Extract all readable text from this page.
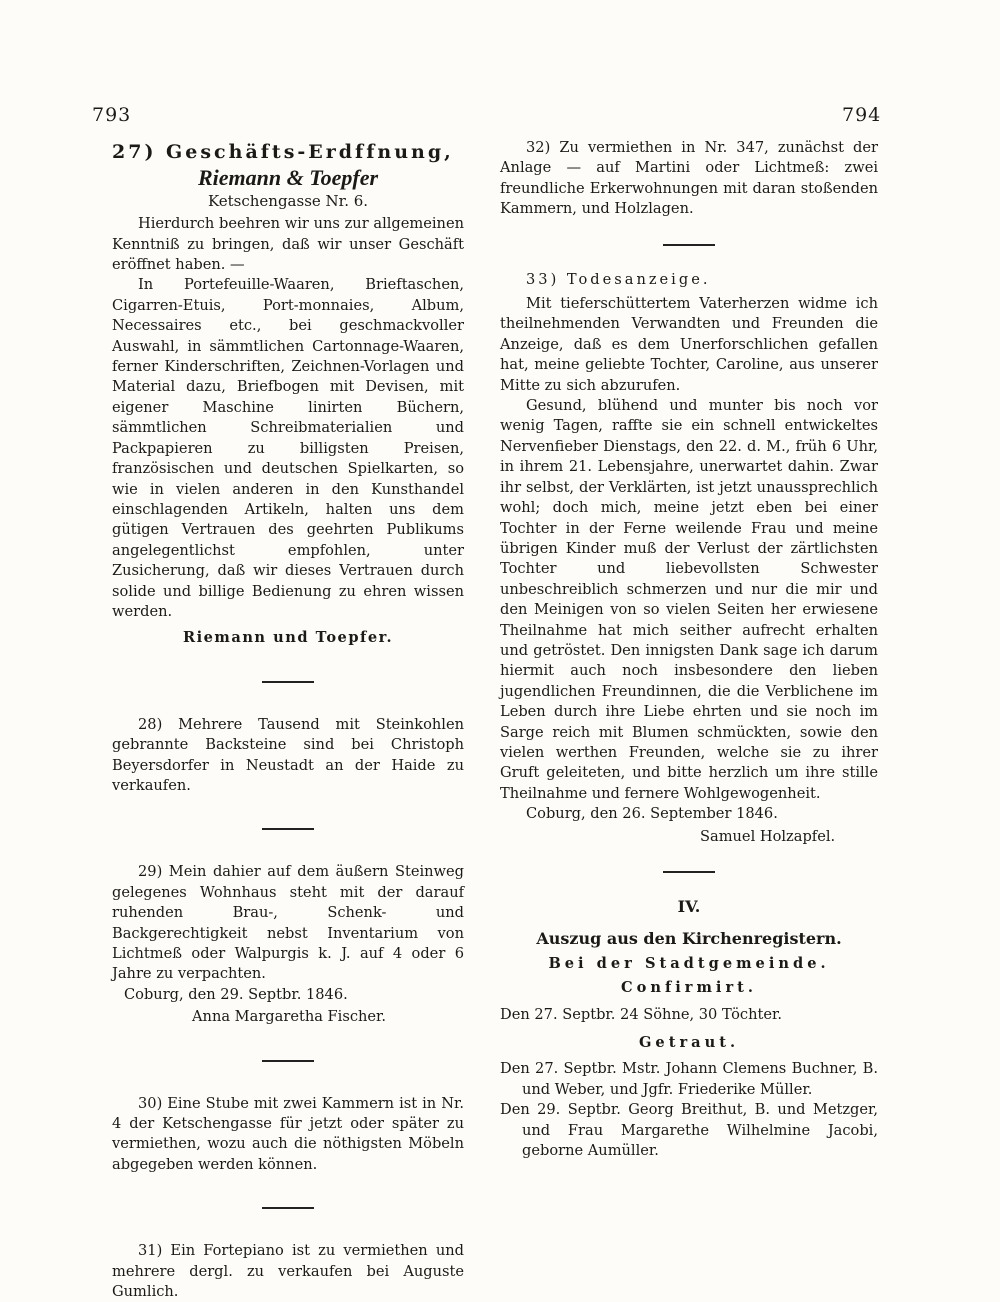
793	794

27) Geschäfts-Erdffnung,

Riemann & Toepfer

Ketschengasse Nr. 6.

Hierdurch beehren wir uns zur allgemeinen Kenntniß zu bringen, daß wir unser Geschäft eröffnet haben. —

In Portefeuille-Waaren, Brieftaschen, Cigarren-Etuis, Port-monnaies, Album, Necessaires etc., bei geschmackvoller Auswahl, in sämmtlichen Cartonnage-Waaren, ferner Kinderschriften, Zeichnen-Vorlagen und Material dazu, Briefbogen mit Devisen, mit eigener Maschine linirten Büchern, sämmtlichen Schreibmaterialien und Packpapieren zu billigsten Preisen, französischen und deutschen Spielkarten, so wie in vielen anderen in den Kunsthandel einschlagenden Artikeln, halten uns dem gütigen Vertrauen des geehrten Publikums angelegentlichst empfohlen, unter Zusicherung, daß wir dieses Vertrauen durch solide und billige Bedienung zu ehren wissen werden.

Riemann und Toepfer.

28) Mehrere Tausend mit Steinkohlen gebrannte Backsteine sind bei Christoph Beyersdorfer in Neustadt an der Haide zu verkaufen.

29) Mein dahier auf dem äußern Steinweg gelegenes Wohnhaus steht mit der darauf ruhenden Brau-, Schenk- und Backgerechtigkeit nebst Inventarium von Lichtmeß oder Walpurgis k. J. auf 4 oder 6 Jahre zu verpachten.

Coburg, den 29. Septbr. 1846.

Anna Margaretha Fischer.

30) Eine Stube mit zwei Kammern ist in Nr. 4 der Ketschengasse für jetzt oder später zu vermiethen, wozu auch die nöthigsten Möbeln abgegeben werden können.

31) Ein Fortepiano ist zu vermiethen und mehrere dergl. zu verkaufen bei Auguste Gumlich.

32) Zu vermiethen in Nr. 347, zunächst der Anlage — auf Martini oder Lichtmeß: zwei freundliche Erkerwohnungen mit daran stoßenden Kammern, und Holzlagen.

33) Todesanzeige.

Mit tieferschüttertem Vaterherzen widme ich theilnehmenden Verwandten und Freunden die Anzeige, daß es dem Unerforschlichen gefallen hat, meine geliebte Tochter, Caroline, aus unserer Mitte zu sich abzurufen.

Gesund, blühend und munter bis noch vor wenig Tagen, raffte sie ein schnell entwickeltes Nervenfieber Dienstags, den 22. d. M., früh 6 Uhr, in ihrem 21. Lebensjahre, unerwartet dahin. Zwar ihr selbst, der Verklärten, ist jetzt unaussprechlich wohl; doch mich, meine jetzt eben bei einer Tochter in der Ferne weilende Frau und meine übrigen Kinder muß der Verlust der zärtlichsten Tochter und liebevollsten Schwester unbeschreiblich schmerzen und nur die mir und den Meinigen von so vielen Seiten her erwiesene Theilnahme hat mich seither aufrecht erhalten und getröstet. Den innigsten Dank sage ich darum hiermit auch noch insbesondere den lieben jugendlichen Freundinnen, die die Verblichene im Leben durch ihre Liebe ehrten und sie noch im Sarge reich mit Blumen schmückten, sowie den vielen werthen Freunden, welche sie zu ihrer Gruft geleiteten, und bitte herzlich um ihre stille Theilnahme und fernere Wohlgewogenheit.

Coburg, den 26. September 1846.

Samuel Holzapfel.

IV.

Auszug aus den Kirchenregistern.

Bei der Stadtgemeinde.

Confirmirt.

Den 27. Septbr. 24 Söhne, 30 Töchter.

Getraut.

Den 27. Septbr. Mstr. Johann Clemens Buchner, B. und Weber, und Jgfr. Friederike Müller.

Den 29. Septbr. Georg Breithut, B. und Metzger, und Frau Margarethe Wilhelmine Jacobi, geborne Aumüller.
